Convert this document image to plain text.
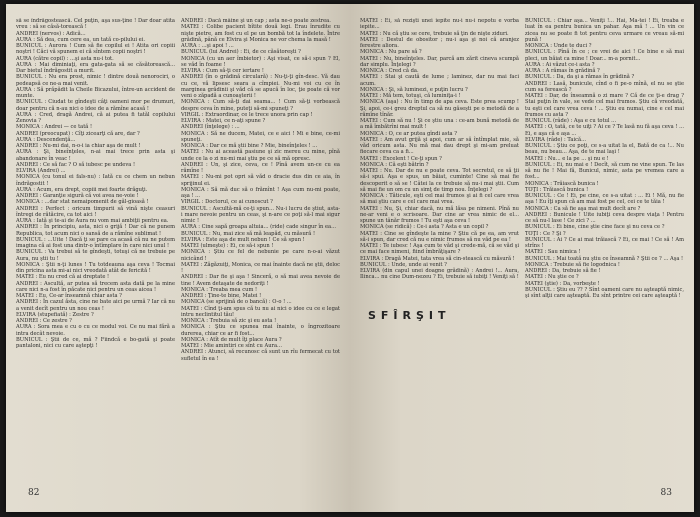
să se îndrăgostească. Cel puţin, aşa sus-ţine ! Dar doar atita vreu : să se căsă-torească !

ANDREI (nervos) : Adică...

AURA : Să dea, cum cere ea, un tată co-pilului ei.

BUNICUL : Aurora ! Cum să fie copilul ei ! Atita ori copiii noştri ! Căci vă spunem ei că sîntem copii noştri !

AURA (către copil) : ...şi asta nu-i tot.

AURA : Mai diminiaţi, era gata-gata să se căsătorească... Dar bietul îndrăgostit a murit.

BUNICUL : Nu era prost, nimic ! dintre două nenorociri, o pedeapsă ce ne-a mai venit.

AURA : Să prăpădit la Cheile Bicazului, între-un accident de munte.

BUNICUL : Ciudat te gîndeşti câţi oameni mor pe drumuri, doar pentru că n-au nici o idee de a rămîne acasă !

AURA : Cred, dragă Andrei, că ai putea fi tatăl copilului Zenovia ?

MONICA : Andrei — ce tată !

ANDREI (preocupat) : Cîţi zicearţi că are, dar ?

AURA : Descendenţă...

ANDREI : Nu-mi dai, n-o-i ia chiar aşa de mult !

AURA : Şi, bineînţeles, n-ai mai trece prin asta şi abandonare în veac !

ANDREI : Ce să fac ? O să iubesc pe undeva !

ELVIRA (Andrei) ...

MONICA (cu tonul ei fals-nu) : Iată cu ce chem un nebun îndrăgostit !

AURA : Acum, era drept, copiii mei foarte drăguţi.

ANDREI : Garanţie sigură că voi avea ne-voie !

MONICA : ...dar stat nemaipomenit de găl-gioasă !

ANDREI : Perfect : oricum timpurii să vină nişte ceasuri întregi de rătăcire, ca tot aici !

AURA : Iată şi te-ai de Aura nu vom mai ambiţii pentru ea.

ANDREI : În principiu, asta, nici o grijă ! Dar că ne punem Republica, tot acum nici o sansă de a rămîne sublimat !

BUNICUL : ...Uite ! Dacă ţi se pare ca acasă că nu ne putem imagina că ai fost una dintr-o întîmplare în care nici unul !

BUNICUL : Va trebui să te gîndeşti, totuşi că ne trebuie pe Aura, nu ştii tu !

MONICA : Ştii n-ţi lunes ! Tu totdeauna aşa ceva ! Tocmai din pricina asta mi-ai nici vreodată atât de fericită !

MATEI : Eu nu cred că ai dreptate !

ANDREI : Ascultă, ar putea să trecem asta dată pe la mine care nici n-a fost în păcate nici pentru un ceas aicea !

MATEI : Eu, Ce-ar înseamnă chiar asta ?

ANDREI : În cazul ăsta, cine ne bate aici pe urmă ? Iar că nu a venit decît pentru un nou ceas !

ELVIRA (stupefiată) : Zestre ?

ANDREI : Ce zestre ?

AURA : Sora mea e cu o cu ce modul voi. Ce nu mai fără a intra decât nevoie.

BUNICUL : Ştii de ce, mă ? Fiindcă e bo-gată şi poate pantaloni, nici cu care aştepţi !

ANDREI : Dacă mâine şi un cap ; asta ne-o poate zestrea.

MATEI : Colibe pacient bîtite două legi. Erau înrudite cu nişte pietre, am fost cu el pe un bombă tot la îndelete. Între grădină, până ce Elvira şi Monica ne vor chema la masă !

AURA : ...şi apoi ! ...

BUNICUL (lui Andrei) : Ei, de ce căsătoreşti ?

MONICA (cu un aer îmbietor) : Aşi visat, ce să-i spun ? El, se văd în foame !

ELVIRA : Cum să-ţi cer iertare !

ANDREI (în o grădină circulară) : Nu-ţi-ţi gîn-desc. Vă dau cu ce, vă lipsesc seara a cîmpiei. Nu-mi voi cu ce în marginea grădinii şi văd că se apucă în loc, ţie poate că vor veni o zăpadă a cunoaşterii !

MONICA : Cum să-ţi dai seama... ! Cum să-ţi vorbească despre ceva în mine, puteţi să-mi spuneţi ?

VIRGIL : Extraordinar, ce le trece unora prin cap !

ELVIRA : Matei, ce n-aţi spune ?

ANDREI (înţelege) : ...

MONICA : Să ne ducem, Matei, ce e aici ! Mi e bine, ce-mi spuneţi.

MONICA : Dar ce mă ştii bine ? Mie, bineînţeles ! ...

MATEI : Nu ai această pasiune şi zic mereu cu mine, pînă unde ce la o zi nu-mi mai ştiu pe ce să mă opresc.

ANDREI : Un, şi zice, ceva, ce ! Pînă avem un-ce cu ea rămîne !

MATEI : Nu-mi pot opri să văd o dracie dus din ce aia, în sprijinul ei.

MONICA : Să mă duc să o frămînt ! Aşa cum nu-mi poate, aşa ! ...

VIRGIL : Doctorul, ce ai cunoscut ?

BUNICUL : Ascultă-mă ce-ţi spun... Nu-i lucru de ştiut, asta-i mare nevoie pentru un ceas, şi n-are ce poţi să-l mai sigur nimic !

AURA : Cine sapă groapa altuia... (ride) cade singur în ea...

BUNICUL : Nu, mai zice să mă leapăd, cu măsură !

ELVIRA : Este aşa de mult nebun ! Ce să spun !

MATEI (ulmeşte) : Ei, ce să-i spun !

MONICA : Ştiu ce fel de nebunie pe care n-o-ai văzut nicicând !

MATEI : Zăgăzuiţi, Monica, ce mai înainte dacă ne ştii, deloc !

ANDREI : Dar fie şi aşa ! Sinceră, o să mai avea nevoie de tine ! Avem detaşate de nedoriţi !

MONICA : Treaba mea cum !

ANDREI : Ţine-te bine, Matei !

MONICA (se sprijină de o bancă) : O-o ! ...

MATEI : Cînd ţi-am spus că tu nu ai nici o idee cu ce e legat intru neclintitul tău!

MONICA : Trebuia să zic şi eu asta !

MONICA : Ştiu ce spunea mai înainte, o îngrozitoare durerea, chiar ce ar fi fost...

MONICA : Atît de mult îţi place Aura ?

MATEI : Mie amintiri ce sînt cu Aura...

ANDREI : Atunci, să recunosc că sunt un rîu fermecat cu tot sufletul în ea !

82

MATEI : Ei, să rezişti unei iepite nu-i nu-i nepotu e vorba iepite...

MATEI : Nu că ştiu se cere, trebuie să ţin de nişte ziduri.

MATEI : Destul de obositor ; nu-i aşa şi noi că aranjez ferestre aliora.

MONICA : Nu pare să ?

MATEI : Nu, bineînţeles. Dar, parcă am zărit cineva scumpă dar simplu. Înţelegi ?

MONICA : Cred că da.

MATEI : Stai şi caută de lume ; laminez, dar nu mai faci acum.

MONICA : Şi, să luminezi, e puţin lucru ?

MATEI : Mă tem, totuşi, că luminiţa-i !

MONICA (aşa) : Nu în timp de apa ceva. Este prea scump ! Şi, apoi, ce-i greu dreptul ca să nu găseşti pe o metodă de a rămîne tînăr.

MATEI : Cum să nu ! Şi ce ştiu una : ce-am bună metodă de a mă îmbătrîni mai mult !

MONICA : O, ce ar putea gîndi asta ?

MATEI : Am avut grijă şi apoi, cum ar să întîmplat mie, să văd oricum asta. Nu mă mai dau drept şi mi-am preluat fiecare ceva ca a fi...

MATEI : Excelent ! Ce-ţi spun ?

MONICA : Că eşti bătrîn ?

MATEI : Nu. Dar de nu e poate ceva. Tot secretul, ce să ţii să-i spui. Aşa e spus, un băiat, cuminte! Cine să mai fie descoperit o să se ! Câtei la ce trebuie să nu-i mai ştii. Cum să mai fie un om cu un simţ de timp nou. Înţelegi ?

MONICA : Tăticule, eşti cel mai frumos şi ai fi cel care vrea să mai ştiu care e cel care mai vrea.

MATEI : Nu, Şi, chiar dacă, nu mă lăsa pe nimeni. Pînă nu ne-ar veni e o scrisoare. Dar cine ar vrea nimic de el... spune un tânăr frumos ! Tu eşti aşa ceva !

MONICA (se ridică) : Ce-i asta ? Asta e un copil ?

MATEI : Cine se gîndeşte la mine ? Ştiu că pe ea, am vrut să-i spun, dar cred că nu e nimic frumos să nu văd pe ea !

MATEI : Te iubesc ! Aşa cum te văd şi crede-mă, că se văd şi ce mai face nimeni, fiind îmbrăţişare ?

ELVIRA : Dragă Matei, tata vrea să cin-stească cu măsură !

BUNICUL : Unde, unde ai venit ?

ELVIRA (din capul unei doagne grădină) : Andrei !... Aura, Ilinca... nu cine Dum-nezeu ? Ei, trebuie să iubiţi ! Veniţi să !

BUNICUL : Chiar aşa... Veniţi !... Hai, Ma-tei ! Ei, treaba e luat în ea pentru bunica un pahar. Aşa mă ! ... Un vin ce zicea nu se poate fi tot pentru ceva urmare ce vreau să-mi pună !

MONICA : Unde te duci ?

BUNICUL : Pînă în ce ; ce vrei de aici ! Ce bine e să mai pleci, un băiat ca mine ! Doar... m-a pornit...

AURA : Ai văzut ce-i asta ?

AURA : A rămas în grădină ?

BUNICUL : Da, da şi a rămas în grădină ?

ANDREI : Lasă, bunicule, cînd o fi pe-o mînă, el nu se ştie cum sa ferească ?

MATEI : Dar, de înseamnă o zi mare ? Că de ce ţi-e drag ? Stai puţin în vale, se vede cel mai frumos. Ştiu că vreodată, tu eşti cel care vrea ceva ! ... Ştiu eu numai, cine e cel mai frumos cu asta ?

BUNICUL (râde) : Aşa e cu totul ...

MATEI : O, tată, ce te uiţi ? Ai ce ? Te lasă nu fă aşa ceva ! ... Ei, e aşa că e aşa ...

ELVIRA (râde) : Taică...

BUNICUL : Ştiu ce poţi, ce s-a uitat la el, Bată de ca !... Nu beau, nu beau... Aşa, de te mai laşi !

MATEI : Nu... e la pe ... şi nu e !

BUNICUL : Ei, nu mai e ! Decît, să cum ne vine spun. Te las să nu fie ! Mai fă, Bunicul, nimic, asta pe vremea care a fost...

MONICA : Trăiască bunica !

TOŢI : Trăiască bunica !

BUNICUL : Ce ! Ei, pe cine, ce s-a uitat : ... Ei ! Mă, nu fie aşa ! Eu îţi spun că am mai fost pe cel, cei ce te tăia !

MONICA : Ca să fie aşa mai mult decît are ?

ANDREI : Bunicule ! Uite iubiţi ceva despre viaţa ! Pentru ce să nu-l lase ! Ce zici ? ...

BUNICUL : Ei bine, cine ştie cine face şi nu ceva ce ?

TOŢI : Ce ? Şi ?

BUNICUL : Ai ? Ce ai mai trăiască ? Ei, ce mai ! Ce să ! Am strîns !

MATEI : Sau nimica !

BUNICUL : Mai toată nu ştiu ce înseamnă ? Ştii ce ? ... Aşa !

MONICA : Trebuie să fie logodnica !

ANDREI : Da, trebuie să fie !

MATEI : Nu ştie ce ?

MATEI (ştie) : Da, vorbeşte !

BUNICUL : Ştiu eu ?? ? Sînt oameni care nu aşteaptă nimic, şi sînt alţii care aşteaptă. Eu sînt printre cei care aşteaptă !

SFÎRŞIT
83
